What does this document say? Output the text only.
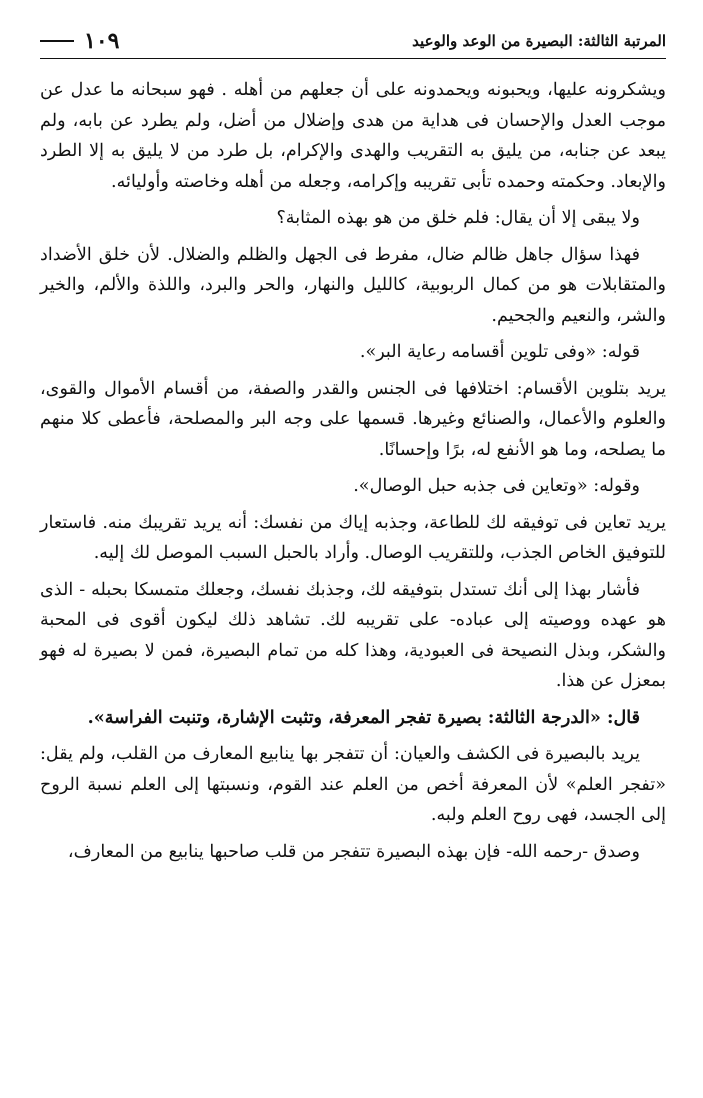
المرتبة الثالثة: البصيرة من الوعد والوعيد
١٠٩

ويشكرونه عليها، ويحبونه ويحمدونه على أن جعلهم من أهله . فهو سبحانه ما عدل عن موجب العدل والإحسان فى هداية من هدى وإضلال من أضل، ولم يطرد عن بابه، ولم يبعد عن جنابه، من يليق به التقريب والهدى والإكرام، بل طرد من لا يليق به إلا الطرد والإبعاد. وحكمته وحمده تأبى تقريبه وإكرامه، وجعله من أهله وخاصته وأوليائه.

ولا يبقى إلا أن يقال: فلم خلق من هو بهذه المثابة؟

فهذا سؤال جاهل ظالم ضال، مفرط فى الجهل والظلم والضلال. لأن خلق الأضداد والمتقابلات هو من كمال الربوبية، كالليل والنهار، والحر والبرد، واللذة والألم، والخير والشر، والنعيم والجحيم.

قوله: «وفى تلوين أقسامه رعاية البر».

يريد بتلوين الأقسام: اختلافها فى الجنس والقدر والصفة، من أقسام الأموال والقوى، والعلوم والأعمال، والصنائع وغيرها. قسمها على وجه البر والمصلحة، فأعطى كلا منهم ما يصلحه، وما هو الأنفع له، برًا وإحسانًا.

وقوله: «وتعاين فى جذبه حبل الوصال».

يريد تعاين فى توفيقه لك للطاعة، وجذبه إياك من نفسك: أنه يريد تقريبك منه. فاستعار للتوفيق الخاص الجذب، وللتقريب الوصال. وأراد بالحبل السبب الموصل لك إليه.

فأشار بهذا إلى أنك تستدل بتوفيقه لك، وجذبك نفسك، وجعلك متمسكا بحبله - الذى هو عهده ووصيته إلى عباده- على تقريبه لك. تشاهد ذلك ليكون أقوى فى المحبة والشكر، وبذل النصيحة فى العبودية، وهذا كله من تمام البصيرة، فمن لا بصيرة له فهو بمعزل عن هذا.

قال: «الدرجة الثالثة: بصيرة تفجر المعرفة، وتثبت الإشارة، وتنبت الفراسة».

يريد بالبصيرة فى الكشف والعيان: أن تتفجر بها ينابيع المعارف من القلب، ولم يقل: «تفجر العلم» لأن المعرفة أخص من العلم عند القوم، ونسبتها إلى العلم نسبة الروح إلى الجسد، فهى روح العلم ولبه.

وصدق -رحمه الله- فإن بهذه البصيرة تتفجر من قلب صاحبها ينابيع من المعارف،
